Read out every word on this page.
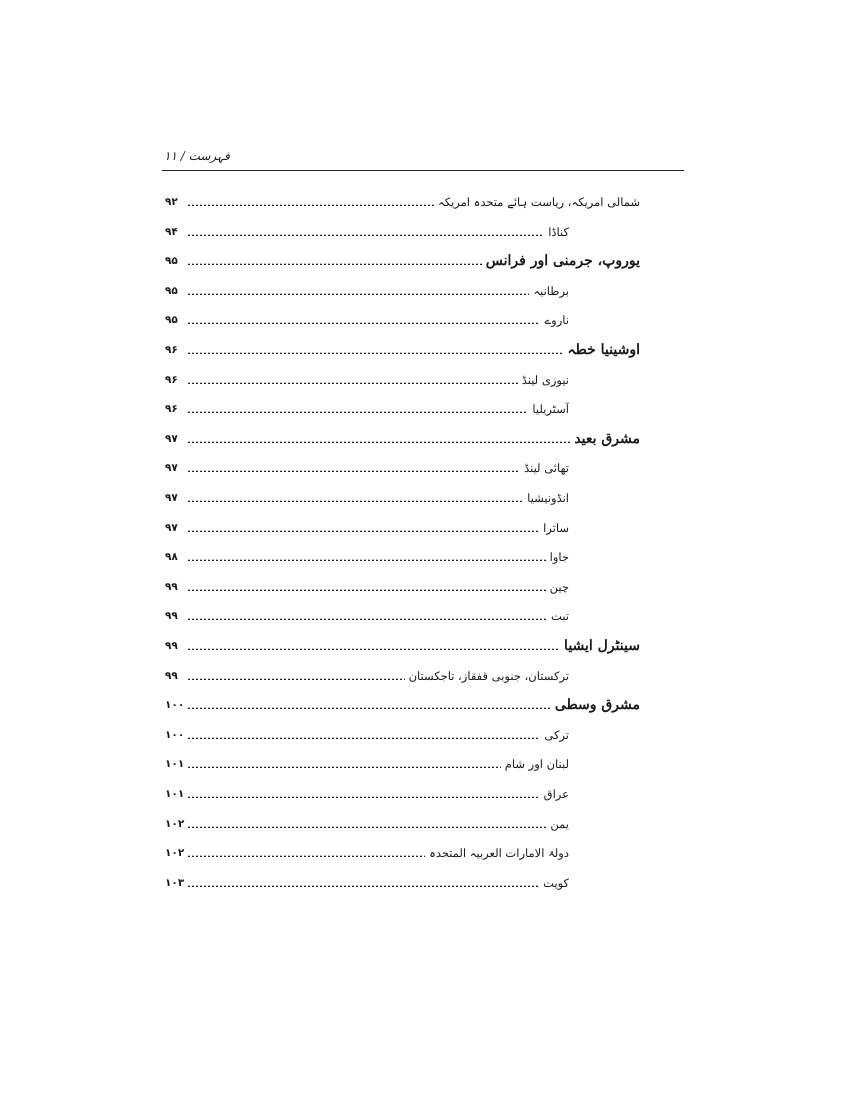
فہرست / ۱۱
۹۲	شمالی امریکہ، ریاست ہائے متحدہ امریکہ
۹۴	کناڈا
۹۵	یوروپ، جرمنی اور فرانس
۹۵	برطانیہ
۹۵	ناروے
۹۶	اوشینیا خطہ
۹۶	نیوزی لینڈ
۹۶	آسٹریلیا
۹۷	مشرق بعید
۹۷	تھائی لینڈ
۹۷	انڈونیشیا
۹۷	ساترا
۹۸	جاوا
۹۹	چین
۹۹	تبت
۹۹	سینٹرل ایشیا
۹۹	ترکستان، جنوبی قفقاز، تاجکستان
۱۰۰	مشرق وسطی
۱۰۰	ترکی
۱۰۱	لبنان اور شام
۱۰۱	عراق
۱۰۲	یمن
۱۰۲	دولۃ الامارات العربیہ المتحدہ
۱۰۳	کویت
